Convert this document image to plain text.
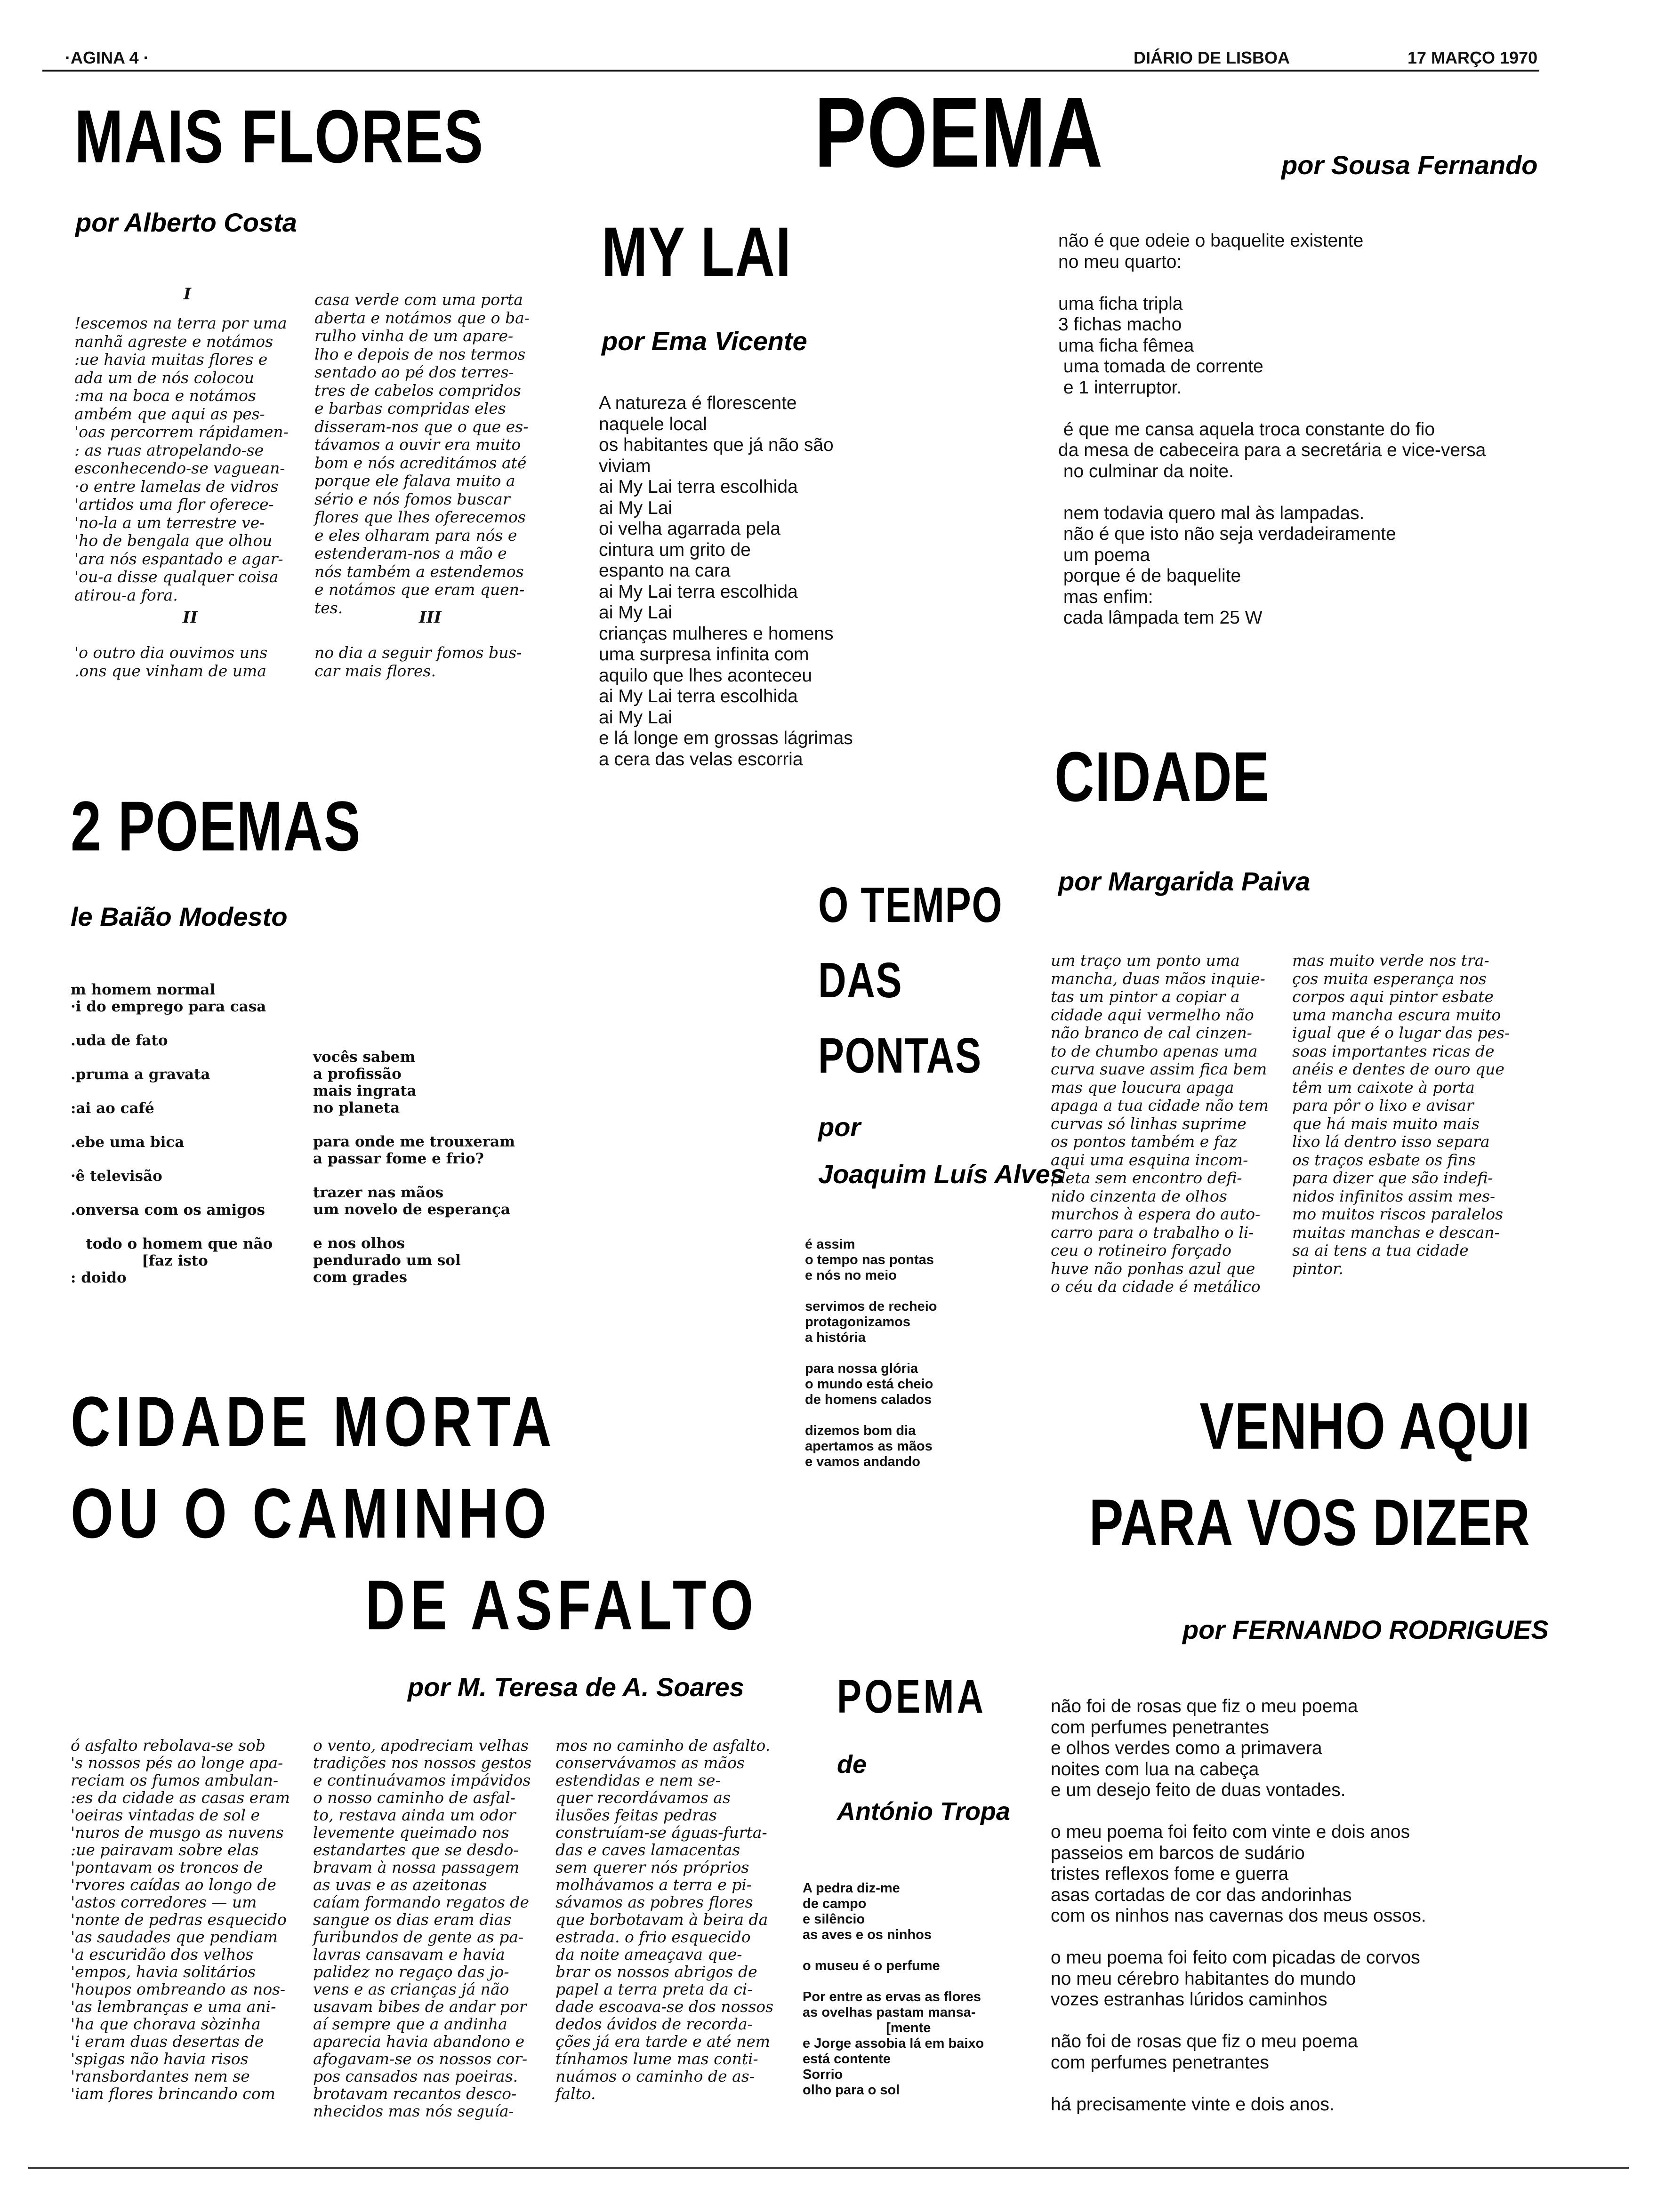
·AGINA 4 ·	DIÁRIO DE LISBOA	17 MARÇO 1970
MAIS FLORES
por Alberto Costa
I
!escemos na terra por uma
nanhã agreste e notámos
:ue havia muitas flores e
ada um de nós colocou
:ma na boca e notámos
ambém que aqui as pes-
'oas percorrem rápidamen-
: as ruas atropelando-se
esconhecendo-se vaguean-
·o entre lamelas de vidros
'artidos uma flor oferece-
'no-la a um terrestre ve-
'ho de bengala que olhou
'ara nós espantado e agar-
'ou-a disse qualquer coisa
atirou-a fora.
casa verde com uma porta
aberta e notámos que o ba-
rulho vinha de um apare-
lho e depois de nos termos
sentado ao pé dos terres-
tres de cabelos compridos
e barbas compridas eles
disseram-nos que o que es-
távamos a ouvir era muito
bom e nós acreditámos até
porque ele falava muito a
sério e nós fomos buscar
flores que lhes oferecemos
e eles olharam para nós e
estenderam-nos a mão e
nós também a estendemos
e notámos que eram quen-
tes.
II	III
'o outro dia ouvimos uns
.ons que vinham de uma
no dia a seguir fomos bus-
car mais flores.
POEMA	por Sousa Fernando
não é que odeie o baquelite existente
no meu quarto:

uma ficha tripla
3 fichas macho
uma ficha fêmea
uma tomada de corrente
e 1 interruptor.

é que me cansa aquela troca constante do fio
da mesa de cabeceira para a secretária e vice-versa
no culminar da noite.

nem todavia quero mal às lampadas.
não é que isto não seja verdadeiramente
um poema
porque é de baquelite
mas enfim:
cada lâmpada tem 25 W
MY LAI
por Ema Vicente
A natureza é florescente
naquele local
os habitantes que já não são
viviam
ai My Lai terra escolhida
ai My Lai
oi velha agarrada pela
cintura um grito de
espanto na cara
ai My Lai terra escolhida
ai My Lai
crianças mulheres e homens
uma surpresa infinita com
aquilo que lhes aconteceu
ai My Lai terra escolhida
ai My Lai
e lá longe em grossas lágrimas
a cera das velas escorria
2 POEMAS
le Baião Modesto
m homem normal
·i do emprego para casa

.uda de fato

.pruma a gravata

:ai ao café

.ebe uma bica

·ê televisão

.onversa com os amigos

todo o homem que não
[faz isto
: doido
vocês sabem
a profissão
mais ingrata
no planeta

para onde me trouxeram
a passar fome e frio?

trazer nas mãos
um novelo de esperança

e nos olhos
pendurado um sol
com grades
O TEMPO
DAS
PONTAS
por
Joaquim Luís Alves
é assim
o tempo nas pontas
e nós no meio

servimos de recheio
protagonizamos
a história

para nossa glória
o mundo está cheio
de homens calados

dizemos bom dia
apertamos as mãos
e vamos andando
CIDADE
por Margarida Paiva
um traço um ponto uma
mancha, duas mãos inquie-
tas um pintor a copiar a
cidade aqui vermelho não
não branco de cal cinzen-
to de chumbo apenas uma
curva suave assim fica bem
mas que loucura apaga
apaga a tua cidade não tem
curvas só linhas suprime
os pontos também e faz
aqui uma esquina incom-
pleta sem encontro defi-
nido cinzenta de olhos
murchos à espera do auto-
carro para o trabalho o li-
ceu o rotineiro forçado
huve não ponhas azul que
o céu da cidade é metálico
mas muito verde nos tra-
ços muita esperança nos
corpos aqui pintor esbate
uma mancha escura muito
igual que é o lugar das pes-
soas importantes ricas de
anéis e dentes de ouro que
têm um caixote à porta
para pôr o lixo e avisar
que há mais muito mais
lixo lá dentro isso separa
os traços esbate os fins
para dizer que são indefi-
nidos infinitos assim mes-
mo muitos riscos paralelos
muitas manchas e descan-
sa ai tens a tua cidade
pintor.
CIDADE MORTA
OU O CAMINHO
DE ASFALTO
por M. Teresa de A. Soares
ó asfalto rebolava-se sob
's nossos pés ao longe apa-
reciam os fumos ambulan-
:es da cidade as casas eram
'oeiras vintadas de sol e
'nuros de musgo as nuvens
:ue pairavam sobre elas
'pontavam os troncos de
'rvores caídas ao longo de
'astos corredores — um
'nonte de pedras esquecido
'as saudades que pendiam
'a escuridão dos velhos
'empos, havia solitários
'houpos ombreando as nos-
'as lembranças e uma ani-
'ha que chorava sòzinha
'i eram duas desertas de
'spigas não havia risos
'ransbordantes nem se
'iam flores brincando com
o vento, apodreciam velhas
tradições nos nossos gestos
e continuávamos impávidos
o nosso caminho de asfal-
to, restava ainda um odor
levemente queimado nos
estandartes que se desdo-
bravam à nossa passagem
as uvas e as azeitonas
caíam formando regatos de
sangue os dias eram dias
furibundos de gente as pa-
lavras cansavam e havia
palidez no regaço das jo-
vens e as crianças já não
usavam bibes de andar por
aí sempre que a andinha
aparecia havia abandono e
afogavam-se os nossos cor-
pos cansados nas poeiras.
brotavam recantos desco-
nhecidos mas nós seguía-
mos no caminho de asfalto.
conservávamos as mãos
estendidas e nem se-
quer recordávamos as
ilusões feitas pedras
construíam-se águas-furta-
das e caves lamacentas
sem querer nós próprios
molhávamos a terra e pi-
sávamos as pobres flores
que borbotavam à beira da
estrada. o frio esquecido
da noite ameaçava que-
brar os nossos abrigos de
papel a terra preta da ci-
dade escoava-se dos nossos
dedos ávidos de recorda-
ções já era tarde e até nem
tínhamos lume mas conti-
nuámos o caminho de as-
falto.
POEMA
de
António Tropa
A pedra diz-me
de campo
e silêncio
as aves e os ninhos

o museu é o perfume

Por entre as ervas as flores
as ovelhas pastam mansa-
[mente
e Jorge assobia lá em baixo
está contente
Sorrio
olho para o sol
VENHO AQUI
PARA VOS DIZER
por FERNANDO RODRIGUES
não foi de rosas que fiz o meu poema
com perfumes penetrantes
e olhos verdes como a primavera
noites com lua na cabeça
e um desejo feito de duas vontades.

o meu poema foi feito com vinte e dois anos
passeios em barcos de sudário
tristes reflexos fome e guerra
asas cortadas de cor das andorinhas
com os ninhos nas cavernas dos meus ossos.

o meu poema foi feito com picadas de corvos
no meu cérebro habitantes do mundo
vozes estranhas lúridos caminhos

não foi de rosas que fiz o meu poema
com perfumes penetrantes

há precisamente vinte e dois anos.
